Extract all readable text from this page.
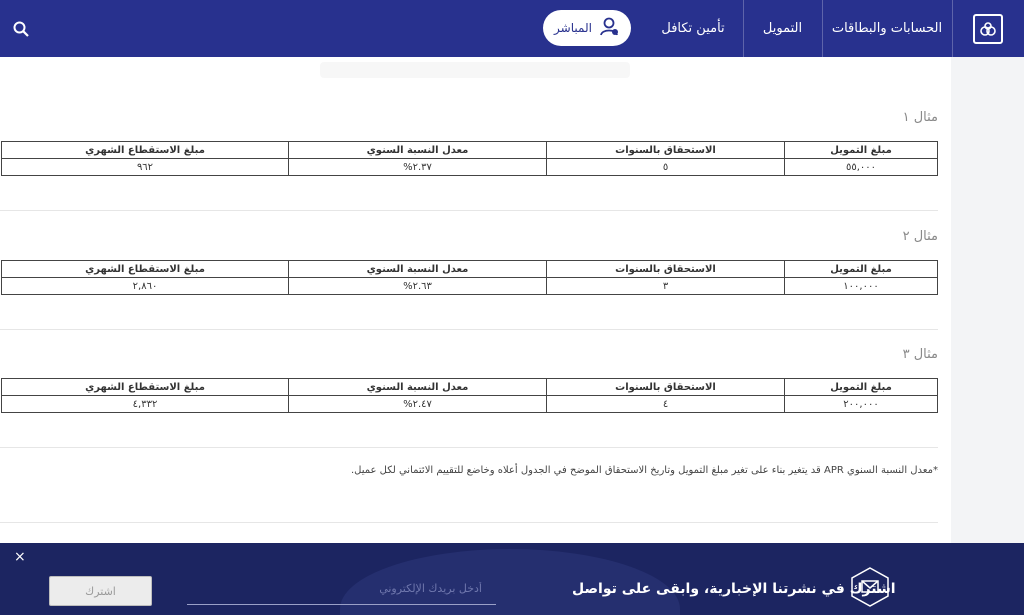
الحسابات والبطاقات
التمويل
تأمين تكافل
المباشر
مثال ١
مبلغ التمويل	الاستحقاق بالسنوات	معدل النسبة السنوي	مبلغ الاستقطاع الشهري
٥٥,٠٠٠	٥	٢.٣٧%	٩٦٢
مثال ٢
مبلغ التمويل	الاستحقاق بالسنوات	معدل النسبة السنوي	مبلغ الاستقطاع الشهري
١٠٠,٠٠٠	٣	٢.٦٣%	٢,٨٦٠
مثال ٣
مبلغ التمويل	الاستحقاق بالسنوات	معدل النسبة السنوي	مبلغ الاستقطاع الشهري
٢٠٠,٠٠٠	٤	٢.٤٧%	٤,٣٣٢
*معدل النسبة السنوي APR قد يتغير بناء على تغير مبلغ التمويل وتاريخ الاستحقاق الموضح في الجدول أعلاه وخاضع للتقييم الائتماني لكل عميل.
×
اشترك في نشرتنا الإخبارية، وابقى على تواصل
أدخل بريدك الإلكتروني
اشترك
